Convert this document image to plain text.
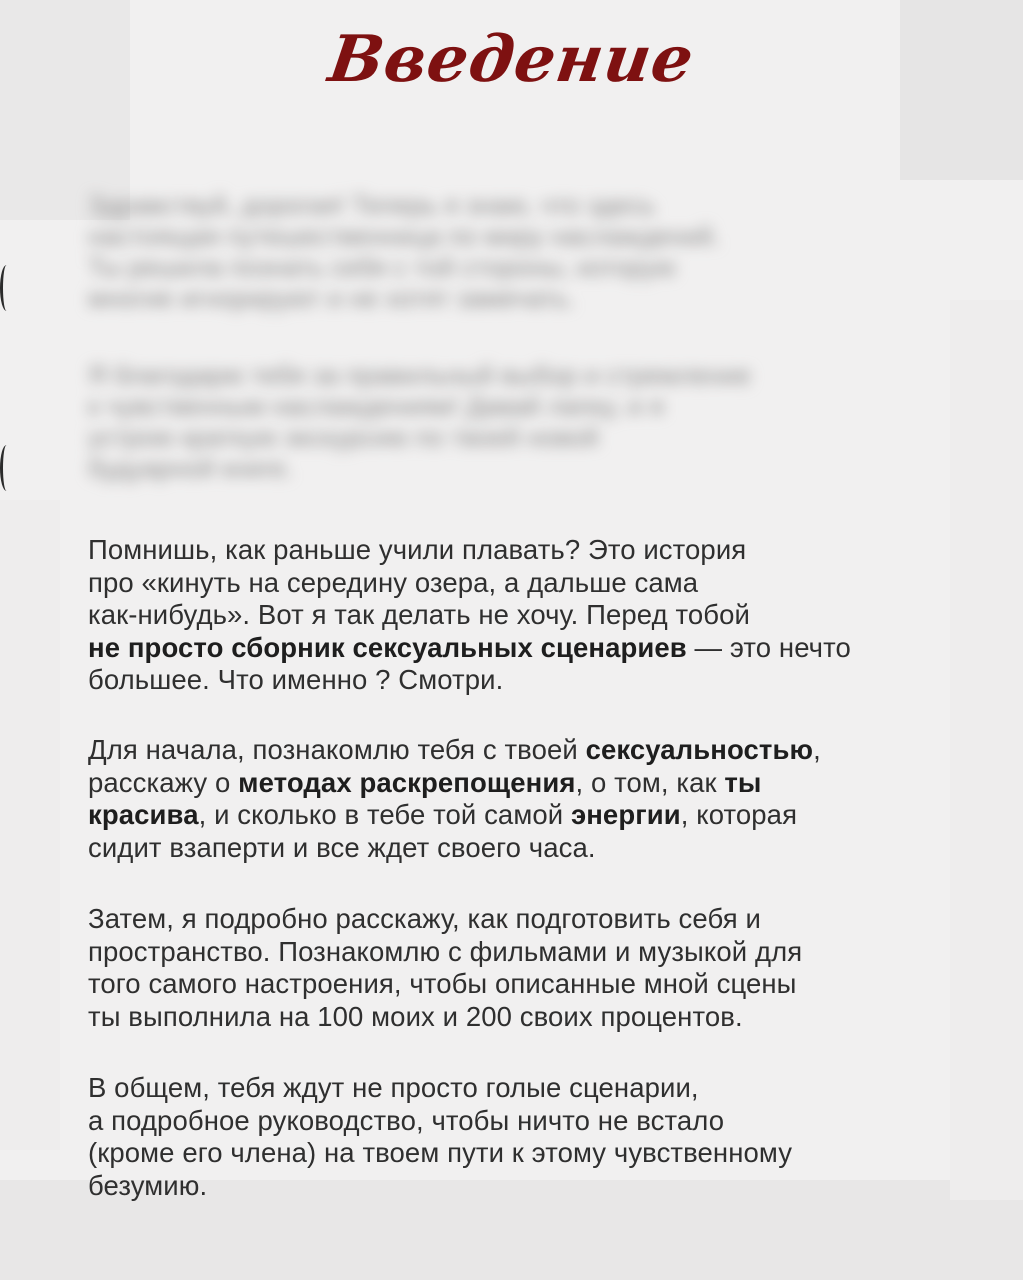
Введение
Здравствуй, дорогая! Теперь я знаю, что здесь
настоящая путешественница по миру наслаждений.
Ты решила познать себя с той стороны, которую
многие игнорируют и не хотят замечать.
Я благодарю тебя за правильный выбор и стремление
к чувственным наслаждениям! Давай лапку, и я
устрою краткую экскурсию по твоей новой
будуарной книге.
Помнишь, как раньше учили плавать? Это история
про «кинуть на середину озера, а дальше сама
как-нибудь». Вот я так делать не хочу. Перед тобой
не просто сборник сексуальных сценариев — это нечто
большее. Что именно ? Смотри.
Для начала, познакомлю тебя с твоей сексуальностью,
расскажу о методах раскрепощения, о том, как ты
красива, и сколько в тебе той самой энергии, которая
сидит взаперти и все ждет своего часа.
Затем, я подробно расскажу, как подготовить себя и
пространство. Познакомлю с фильмами и музыкой для
того самого настроения, чтобы описанные мной сцены
ты выполнила на 100 моих и 200 своих процентов.
В общем, тебя ждут не просто голые сценарии,
а подробное руководство, чтобы ничто не встало
(кроме его члена) на твоем пути к этому чувственному
безумию.
